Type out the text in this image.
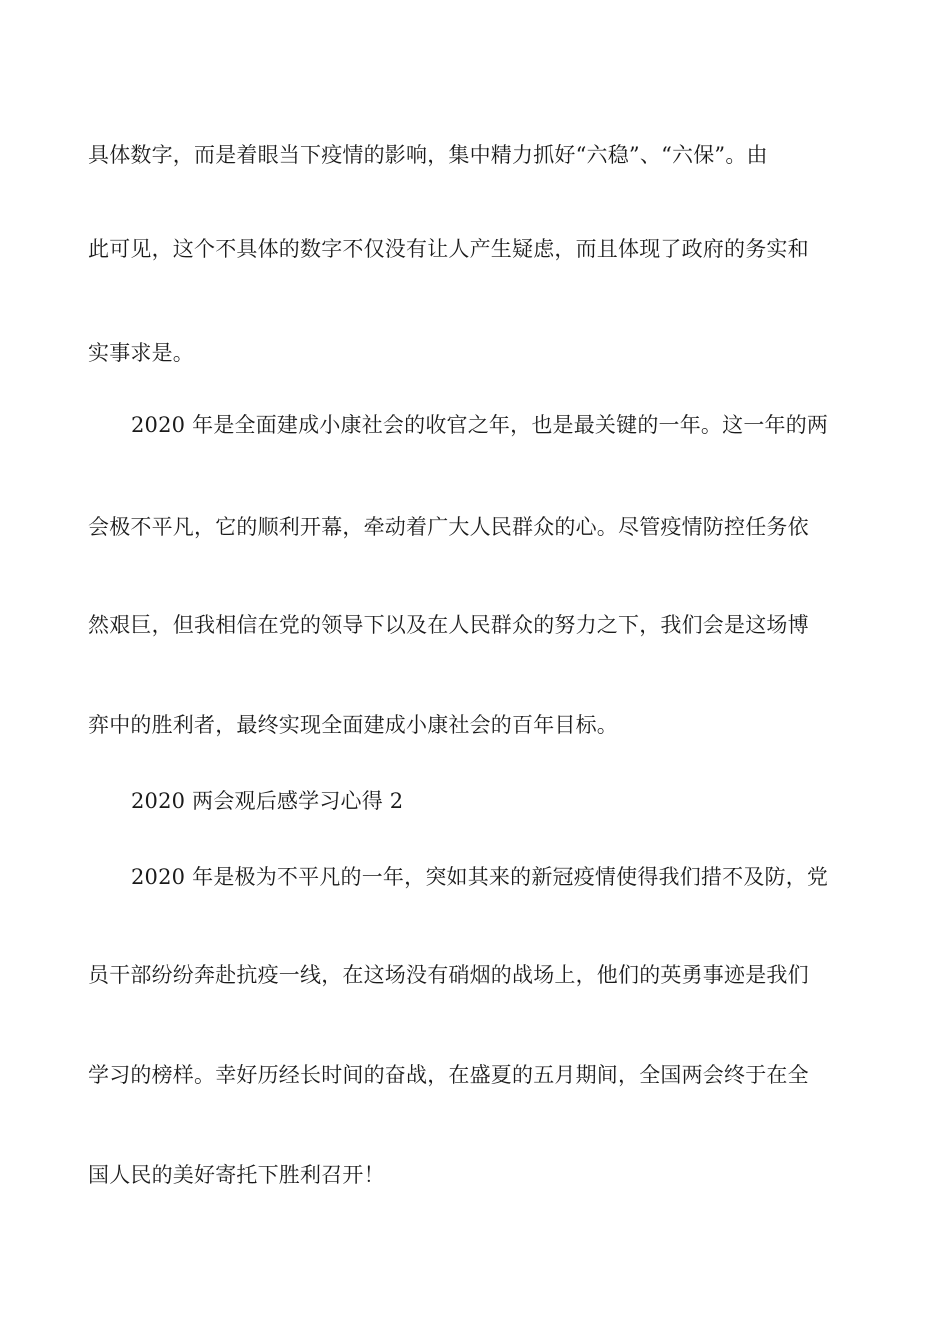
具体数字，而是着眼当下疫情的影响，集中精力抓好“六稳”、“六保”。由
此可见，这个不具体的数字不仅没有让人产生疑虑，而且体现了政府的务实和
实事求是。
2020 年是全面建成小康社会的收官之年，也是最关键的一年。这一年的两
会极不平凡，它的顺利开幕，牵动着广大人民群众的心。尽管疫情防控任务依
然艰巨，但我相信在党的领导下以及在人民群众的努力之下，我们会是这场博
弈中的胜利者，最终实现全面建成小康社会的百年目标。
2020 两会观后感学习心得 2
2020 年是极为不平凡的一年，突如其来的新冠疫情使得我们措不及防，党
员干部纷纷奔赴抗疫一线，在这场没有硝烟的战场上，他们的英勇事迹是我们
学习的榜样。幸好历经长时间的奋战，在盛夏的五月期间，全国两会终于在全
国人民的美好寄托下胜利召开！
